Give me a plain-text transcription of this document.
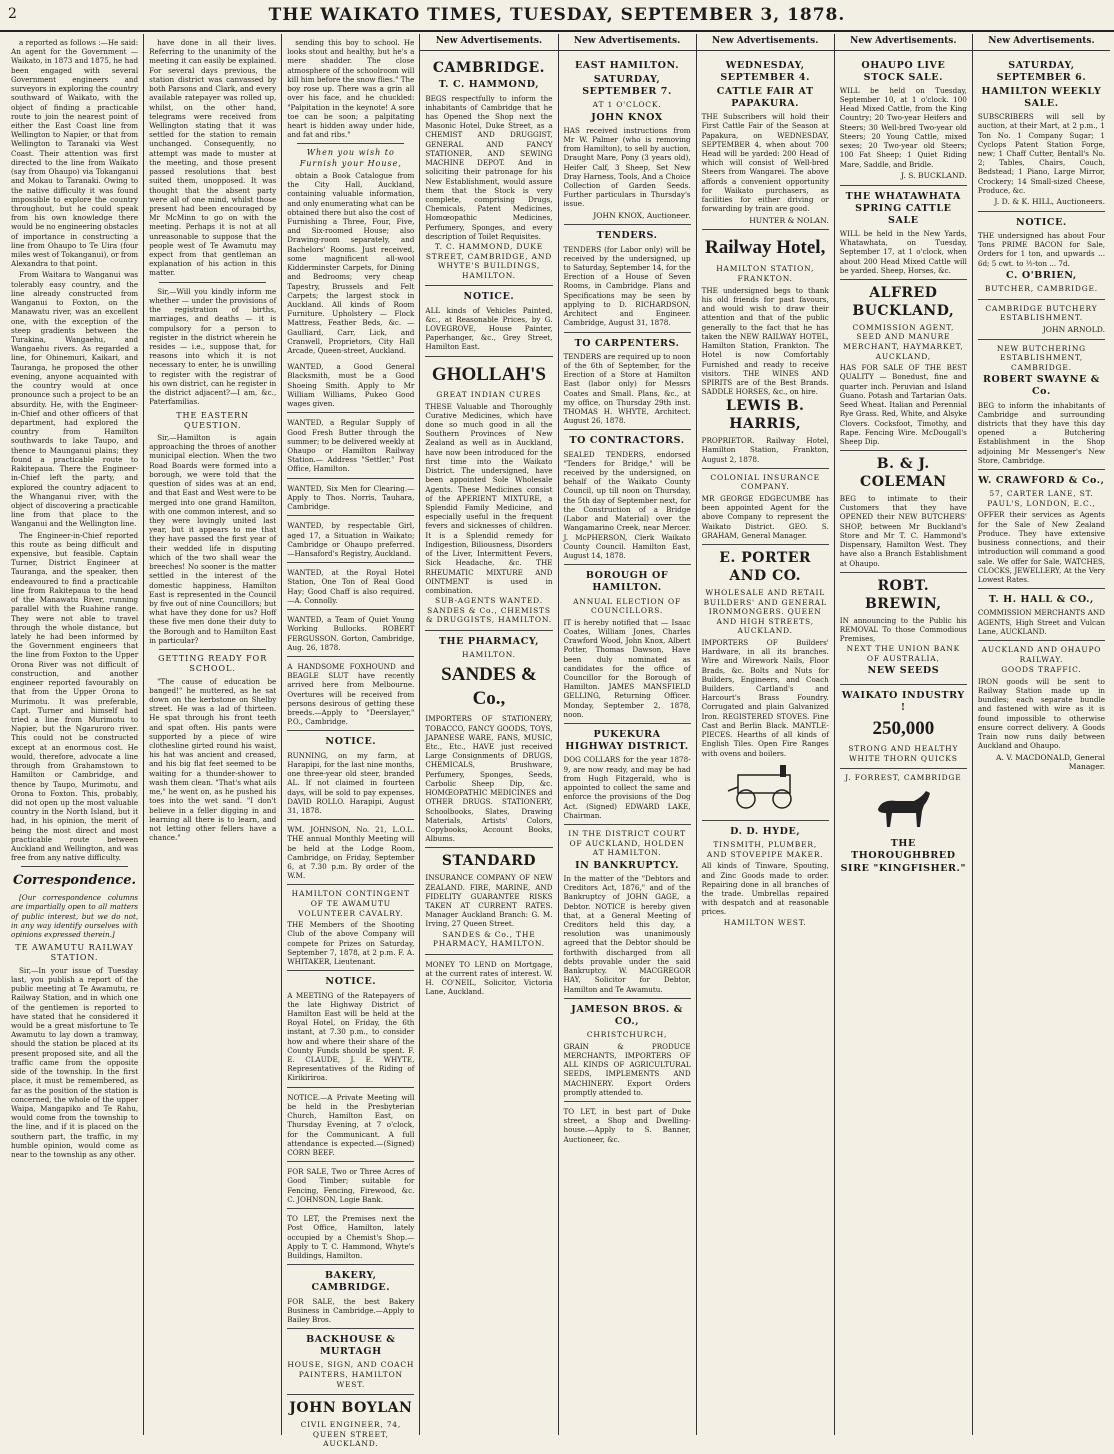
2	THE WAIKATO TIMES, TUESDAY, SEPTEMBER 3, 1878.

a reported as follows :—He said: An agent for the Government — Waikato, in 1873 and 1875, he had been engaged with several Government engineers and surveyors in exploring the country southward of Waikato, with the object of finding a practicable route to join the nearest point of either the East Coast line from Wellington to Napier, or that from Wellington to Taranaki via West Coast. Their attention was first directed to the line from Waikato (say from Ohaupo) via Tokanganui and Mokau to Taranaki. Owing to the native difficulty it was found impossible to explore the country throughout, but he could speak from his own knowledge there would be no engineering obstacles of importance in constructing a line from Ohaupo to Te Uira (four miles west of Tokanganui), or from Alexandra to that point.

From Waitara to Wanganui was tolerably easy country, and the line already constructed from Wanganui to Foxton, on the Manawatu river, was an excellent one, with the exception of the steep gradients between the Turakina, Wangaehu, and Wangaehu rivers. As regarded a line, for Ohinemuri, Kaikari, and Tauranga, he proposed the other evening, anyone acquainted with the country would at once pronounce such a project to be an absurdity. He, with the Engineer-in-Chief and other officers of that department, had explored the country from Hamilton southwards to lake Taupo, and thence to Maunganui plains; they found a practicable route to Rakitepaua. There the Engineer-in-Chief left the party, and explored the country adjacent to the Whanganui river, with the object of discovering a practicable line from that place to the Wanganui and the Wellington line.

The Engineer-in-Chief reported this route as being difficult and expensive, but feasible. Captain Turner, District Engineer at Tauranga, and the speaker, then endeavoured to find a practicable line from Rakitepaua to the head of the Manawatu River, running parallel with the Ruahine range. They were not able to travel through the whole distance, but lately he had been informed by the Government engineers that the line from Foxton to the Upper Orona River was not difficult of construction, and another engineer reported favourably on that from the Upper Orona to Murimotu. It was preferable, Capt. Turner and himself had tried a line from Murimotu to Napier, but the Ngaruroro river. This could not be constructed except at an enormous cost. He would, therefore, advocate a line through from Grahamstown to Hamilton or Cambridge, and thence by Taupo, Murimotu, and Orona to Foxton. This, probably, did not open up the most valuable country in the North Island, but it had, in his opinion, the merit of being the most direct and most practicable route between Auckland and Wellington, and was free from any native difficulty.

Correspondence.

[Our correspondence columns are impartially open to all matters of public interest, but we do not, in any way identify ourselves with opinions expressed therein.]

TE AWAMUTU RAILWAY STATION.

Sir,—In your issue of Tuesday last, you publish a report of the public meeting at Te Awamutu, re Railway Station, and in which one of the gentlemen is reported to have stated that he considered it would be a great misfortune to Te Awamutu to lay down a tramway, should the station be placed at its present proposed site, and all the traffic came from the opposite side of the township. In the first place, it must be remembered, as far as the position of the station is concerned, the whole of the upper Waipa, Mangapiko and Te Rahu, would come from the township to the line, and if it is placed on the southern part, the traffic, in my humble opinion, would come as near to the township as any other.

have done in all their lives. Referring to the unanimity of the meeting it can easily be explained. For several days previous, the station district was canvassed by both Parsons and Clark, and every available ratepayer was rolled up, whilst, on the other hand, telegrams were received from Wellington stating that it was settled for the station to remain unchanged. Consequently, no attempt was made to muster at the meeting, and those present passed resolutions that best suited them, unopposed. It was thought that the absent party were all of one mind, whilst those present had been encouraged by Mr McMinn to go on with the meeting. Perhaps it is not at all unreasonable to suppose that the people west of Te Awamutu may expect from that gentleman an explanation of his action in this matter.

Sir,—Will you kindly inform me whether — under the provisions of the registration of births, marriages, and deaths — it is compulsory for a person to register in the district wherein he resides — i.e., suppose that, for reasons into which it is not necessary to enter, he is unwilling to register with the registrar of his own district, can he register in the district adjacent?—I am, &c., Paterfamilias.

THE EASTERN QUESTION.

Sir,—Hamilton is again approaching the throes of another municipal election. When the two Road Boards were formed into a borough, we were told that the question of sides was at an end, and that East and West were to be merged into one grand Hamilton, with one common interest, and so they were lovingly united last year, but it appears to me that they have passed the first year of their wedded life in disputing which of the two shall wear the breeches! No sooner is the matter settled in the interest of the domestic happiness, Hamilton East is represented in the Council by five out of nine Councillors; but what have they done for us? Hoff these five men done their duty to the Borough and to Hamilton East in particular?

GETTING READY FOR SCHOOL.

"The cause of education be banged!" he muttered, as he sat down on the kerbstone on Shelby street. He was a lad of thirteen. He spat through his front teeth and spat often. His pants were supported by a piece of wire clothesline girted round his waist, his hat was ancient and creased, and his big flat feet seemed to be waiting for a thunder-shower to wash them clean. "That's what ails me," he went on, as he pushed his toes into the wet sand. "I don't believe in a feller digging in and learning all there is to learn, and not letting other fellers have a chance."

sending this boy to school. He looks stout and healthy, but he's a mere shadder. The close atmosphere of the schoolroom will kill him before the snow flies." The boy rose up. There was a grin all over his face, and he chuckled: "Palpitation in the keynote! A sore toe can be soon; a palpitating heart is hidden away under hide, and fat and ribs."

When you wish to Furnish your House,

obtain a Book Catalogue from the City Hall, Auckland, containing valuable information, and only enumerating what can be obtained there but also the cost of Furnishing a Three, Four, Five, and Six-roomed House; also Drawing-room separately, and Bachelors' Rooms. Just received, some magnificent all-wool Kidderminster Carpets, for Dining and Bedrooms; very cheap Tapestry, Brussels and Felt Carpets; the largest stock in Auckland. All kinds of Room Furniture. Upholstery — Flock Mattress, Feather Beds, &c. — Gaulliard, Carr, Lick, and Cranwell, Proprietors, City Hall Arcade, Queen-street, Auckland.

WANTED, a Good General Blacksmith, must be a Good Shoeing Smith. Apply to Mr William Williams, Pukeo Good wages given.
WANTED, a Regular Supply of Good Fresh Butter through the summer; to be delivered weekly at Ohaupo or Hamilton Railway Station.— Address "Settler," Post Office, Hamilton.
WANTED, Six Men for Clearing.— Apply to Thos. Norris, Tauhara, Cambridge.
WANTED, by respectable Girl, aged 17, a Situation in Waikato; Cambridge or Ohaupo preferred.—Hansaford's Registry, Auckland.
WANTED, at the Royal Hotel Station, One Ton of Real Good Hay; Good Chaff is also required.—A. Connolly.
WANTED, a Team of Quiet Young Working Bullocks. ROBERT FERGUSSON. Gorton, Cambridge, Aug. 26, 1878.
A HANDSOME FOXHOUND and BEAGLE SLUT have recently arrived here from Melbourne. Overtures will be received from persons desirous of getting these breeds.—Apply to "Deerslayer," P.O., Cambridge.
NOTICE.
RUNNING, on my farm, at Harapipi, for the last nine months, one three-year old steer, branded AL. If not claimed in fourteen days, will be sold to pay expenses. DAVID ROLLO. Harapipi, August 31, 1878.
WM. JOHNSON, No. 21, L.O.L. THE annual Monthly Meeting will be held at the Lodge Room, Cambridge, on Friday, September 6, at 7.30 p.m. By order of the W.M.
HAMILTON CONTINGENT OF TE AWAMUTU VOLUNTEER CAVALRY.
THE Members of the Shooting Club of the above Company will compete for Prizes on Saturday, September 7, 1878, at 2 p.m. F. A. WHITAKER, Lieutenant.
NOTICE.
A MEETING of the Ratepayers of the late Highway District of Hamilton East will be held at the Royal Hotel, on Friday, the 6th instant, at 7.30 p.m., to consider how and where their share of the County Funds should be spent. F. E. CLAUDE, J. E. WHYTE, Representatives of the Riding of Kirikiriroa.
NOTICE.—A Private Meeting will be held in the Presbyterian Church, Hamilton East, on Thursday Evening, at 7 o'clock, for the Communicant. A full attendance is expected.—(Signed) CORN BEEF.
FOR SALE, Two or Three Acres of Good Timber; suitable for Fencing, Fencing, Firewood, &c. C. JOHNSON, Logie Bank.
TO LET, the Premises next the Post Office, Hamilton, lately occupied by a Chemist's Shop.—Apply to T. C. Hammond, Whyte's Buildings, Hamilton.
BAKERY, CAMBRIDGE.
FOR SALE, the best Bakery Business in Cambridge.—Apply to Bailey Bros.
BACKHOUSE & MURTAGH
HOUSE, SIGN, AND COACH PAINTERS, HAMILTON WEST.
JOHN BOYLAN
CIVIL ENGINEER, 74, QUEEN STREET, AUCKLAND.
New Advertisements.
CAMBRIDGE.
T. C. HAMMOND,
BEGS respectfully to inform the inhabitants of Cambridge that he has Opened the Shop next the Masonic Hotel, Duke Street, as a CHEMIST AND DRUGGIST, GENERAL AND FANCY STATIONER, AND SEWING MACHINE DEPOT. And in soliciting their patronage for his New Establishment, would assure them that the Stock is very complete, comprising Drugs, Chemicals, Patent Medicines, Homœopathic Medicines, Perfumery, Sponges, and every description of Toilet Requisites.
T. C. HAMMOND, DUKE STREET, CAMBRIDGE, AND WHYTE'S BUILDINGS, HAMILTON.
NOTICE.
ALL kinds of Vehicles Painted, &c., at Reasonable Prices, by G. LOVEGROVE, House Painter, Paperhanger, &c., Grey Street, Hamilton East.
GHOLLAH'S
GREAT INDIAN CURES
THESE Valuable and Thoroughly Curative Medicines, which have done so much good in all the Southern Provinces of New Zealand as well as in Auckland, have now been introduced for the first time into the Waikato District. The undersigned, have been appointed Sole Wholesale Agents. These Medicines consist of the APERIENT MIXTURE, a Splendid Family Medicine, and especially useful in the frequent fevers and sicknesses of children. It is a Splendid remedy for Indigestion, Biliousness, Disorders of the Liver, Intermittent Fevers, Sick Headache, &c. THE RHEUMATIC MIXTURE AND OINTMENT is used in combination.
SUB-AGENTS WANTED. SANDES & Co., CHEMISTS & DRUGGISTS, HAMILTON.
THE PHARMACY,
HAMILTON.
SANDES & Co.,
IMPORTERS OF STATIONERY, TOBACCO, FANCY GOODS, TOYS, JAPANESE WARE, FANS, MUSIC, Etc., Etc., HAVE just received Large Consignments of DRUGS, CHEMICALS, Brushware, Perfumery, Sponges, Seeds, Carbolic Sheep Dip, &c. HOMŒOPATHIC MEDICINES and OTHER DRUGS. STATIONERY, Schoolbooks, Slates, Drawing Materials, Artists' Colors, Copybooks, Account Books, Albums.
STANDARD
INSURANCE COMPANY OF NEW ZEALAND. FIRE, MARINE, AND FIDELITY GUARANTEE RISKS TAKEN AT CURRENT RATES. Manager Auckland Branch: G. M. Irving, 27 Queen Street.
SANDES & Co., THE PHARMACY, HAMILTON.
MONEY TO LEND on Mortgage, at the current rates of interest. W. H. CO'NEIL, Solicitor, Victoria Lane, Auckland.
New Advertisements.
EAST HAMILTON.
SATURDAY, SEPTEMBER 7.
AT 1 O'CLOCK.
JOHN KNOX
HAS received instructions from Mr W. Palmer (who is removing from Hamilton), to sell by auction, Draught Mare, Pony (3 years old), Heifer Calf, 3 Sheep, Set New Dray Harness, Tools, And a Choice Collection of Garden Seeds. Further particulars in Thursday's issue.
JOHN KNOX, Auctioneer.
TENDERS.
TENDERS (for Labor only) will be received by the undersigned, up to Saturday, September 14, for the Erection of a House of Seven Rooms, in Cambridge. Plans and Specifications may be seen by applying to D. RICHARDSON, Architect and Engineer. Cambridge, August 31, 1878.
TO CARPENTERS.
TENDERS are required up to noon of the 6th of September, for the Erection of a Store at Hamilton East (labor only) for Messrs Coates and Small. Plans, &c., at my office, on Thursday 29th inst. THOMAS H. WHYTE, Architect. August 26, 1878.
TO CONTRACTORS.
SEALED TENDERS, endorsed "Tenders for Bridge," will be received by the undersigned, on behalf of the Waikato County Council, up till noon on Thursday, the 5th day of September next, for the Construction of a Bridge (Labor and Material) over the Wangamarino Creek, near Mercer. J. McPHERSON, Clerk Waikato County Council. Hamilton East, August 14, 1878.
BOROUGH OF HAMILTON.
ANNUAL ELECTION OF COUNCILLORS.
IT is hereby notified that — Isaac Coates, William Jones, Charles Crawford Wood, John Knox, Albert Potter, Thomas Dawson, Have been duly nominated as candidates for the office of Councillor for the Borough of Hamilton. JAMES MANSFIELD GELLING, Returning Officer. Monday, September 2, 1878, noon.
PUKEKURA HIGHWAY DISTRICT.
DOG COLLARS for the year 1878-9, are now ready, and may be had from Hugh Fitzgerald, who is appointed to collect the same and enforce the provisions of the Dog Act. (Signed) EDWARD LAKE, Chairman.
IN THE DISTRICT COURT OF AUCKLAND, HOLDEN AT HAMILTON.
IN BANKRUPTCY.
In the matter of the "Debtors and Creditors Act, 1876," and of the Bankruptcy of JOHN GAGE, a Debtor. NOTICE is hereby given that, at a General Meeting of Creditors held this day, a resolution was unanimously agreed that the Debtor should be forthwith discharged from all debts provable under the said Bankruptcy. W. MACGREGOR HAY, Solicitor for Debtor, Hamilton and Te Awamutu.
JAMESON BROS. & CO.,
CHRISTCHURCH,
GRAIN & PRODUCE MERCHANTS, IMPORTERS OF ALL KINDS OF AGRICULTURAL SEEDS, IMPLEMENTS AND MACHINERY. Export Orders promptly attended to.
TO LET, in best part of Duke street, a Shop and Dwelling-house.—Apply to S. Banner, Auctioneer, &c.
New Advertisements.
WEDNESDAY, SEPTEMBER 4.
CATTLE FAIR AT PAPAKURA.
THE Subscribers will hold their First Cattle Fair of the Season at Papakura, on WEDNESDAY, SEPTEMBER 4, when about 700 Head will be yarded: 200 Head of which will consist of Well-bred Steers from Wangarei. The above affords a convenient opportunity for Waikato purchasers, as facilities for either driving or forwarding by train are good.
HUNTER & NOLAN.
Railway Hotel,
HAMILTON STATION,
FRANKTON.
THE undersigned begs to thank his old friends for past favours, and would wish to draw their attention and that of the public generally to the fact that he has taken the NEW RAILWAY HOTEL, Hamilton Station, Frankton. The Hotel is now Comfortably Furnished and ready to receive visitors. THE WINES AND SPIRITS are of the Best Brands. SADDLE HORSES, &c., on hire.
LEWIS B. HARRIS,
PROPRIETOR. Railway Hotel, Hamilton Station, Frankton, August 2, 1878.
COLONIAL INSURANCE COMPANY.
MR GEORGE EDGECUMBE has been appointed Agent for the above Company to represent the Waikato District. GEO. S. GRAHAM, General Manager.
E. PORTER AND CO.
WHOLESALE AND RETAIL BUILDERS' AND GENERAL IRONMONGERS. QUEEN AND HIGH STREETS, AUCKLAND.
IMPORTERS OF Builders' Hardware, in all its branches. Wire and Wirework Nails, Floor Brads, &c. Bolts and Nuts for Builders, Engineers, and Coach Builders. Cartland's and Harcourt's Brass Foundry. Corrugated and plain Galvanized Iron. REGISTERED STOVES. Fine Cast and Berlin Black. MANTLE-PIECES. Hearths of all kinds of English Tiles. Open Fire Ranges with ovens and boilers.
D. D. HYDE,
TINSMITH, PLUMBER, AND STOVEPIPE MAKER.
All kinds of Tinware, Spouting, and Zinc Goods made to order. Repairing done in all branches of the trade. Umbrellas repaired with despatch and at reasonable prices.
HAMILTON WEST.
New Advertisements.
OHAUPO LIVE STOCK SALE.
WILL be held on Tuesday, September 10, at 1 o'clock. 100 Head Mixed Cattle, from the King Country; 20 Two-year Heifers and Steers; 30 Well-bred Two-year old Steers; 20 Young Cattle, mixed sexes; 20 Two-year old Steers; 100 Fat Sheep; 1 Quiet Riding Mare, Saddle, and Bridle.
J. S. BUCKLAND.
THE WHATAWHATA SPRING CATTLE SALE
WILL be held in the New Yards, Whatawhata, on Tuesday, September 17, at 1 o'clock, when about 200 Head Mixed Cattle will be yarded. Sheep, Horses, &c.
ALFRED BUCKLAND,
COMMISSION AGENT, SEED AND MANURE MERCHANT, HAYMARKET, AUCKLAND,
HAS FOR SALE OF THE BEST QUALITY — Bonedust, fine and quarter inch. Peruvian and Island Guano. Potash and Tartarian Oats. Seed Wheat. Italian and Perennial Rye Grass. Red, White, and Alsyke Clovers. Cocksfoot, Timothy, and Rape. Fencing Wire. McDougall's Sheep Dip.
B. & J. COLEMAN
BEG to intimate to their Customers that they have OPENED their NEW BUTCHERS' SHOP, between Mr Buckland's Store and Mr T. C. Hammond's Dispensary, Hamilton West. They have also a Branch Establishment at Ohaupo.
ROBT. BREWIN,
IN announcing to the Public his REMOVAL To those Commodious Premises,
NEXT THE UNION BANK OF AUSTRALIA,
NEW SEEDS
WAIKATO INDUSTRY !
250,000
STRONG AND HEALTHY WHITE THORN QUICKS
J. FORREST, CAMBRIDGE
THE THOROUGHBRED SIRE "KINGFISHER."
New Advertisements.
SATURDAY, SEPTEMBER 6.
HAMILTON WEEKLY SALE.
SUBSCRIBERS will sell by auction, at their Mart, at 2 p.m., 1 Ton No. 1 Company Sugar; 1 Cyclops Patent Station Forge, new; 1 Chaff Cutter, Bentall's No. 2; Tables, Chairs, Couch, Bedstead; 1 Piano, Large Mirror, Crockery; 14 Small-sized Cheese, Produce, &c.
J. D. & K. HILL, Auctioneers.
NOTICE.
THE undersigned has about Four Tons PRIME BACON for Sale, Orders for 1 ton, and upwards ... 6d; 5 cwt. to ½-ton ... 7d.
C. O'BRIEN,
BUTCHER, CAMBRIDGE.
CAMBRIDGE BUTCHERY ESTABLISHMENT.
JOHN ARNOLD.
NEW BUTCHERING ESTABLISHMENT, CAMBRIDGE.
ROBERT SWAYNE & Co.
BEG to inform the inhabitants of Cambridge and surrounding districts that they have this day opened a Butchering Establishment in the Shop adjoining Mr Messenger's New Store, Cambridge.
W. CRAWFORD & Co.,
57, CARTER LANE, ST. PAUL'S, LONDON, E.C.,
OFFER their services as Agents for the Sale of New Zealand Produce. They have extensive business connections, and their introduction will command a good sale. We offer for Sale, WATCHES, CLOCKS, JEWELLERY, At the Very Lowest Rates.
T. H. HALL & CO.,
COMMISSION MERCHANTS AND AGENTS, High Street and Vulcan Lane, AUCKLAND.
AUCKLAND AND OHAUPO RAILWAY.
GOODS TRAFFIC.
IRON goods will be sent to Railway Station made up in bundles; each separate bundle and fastened with wire as it is found impossible to otherwise ensure correct delivery. A Goods Train now runs daily between Auckland and Ohaupo.
A. V. MACDONALD, General Manager.
